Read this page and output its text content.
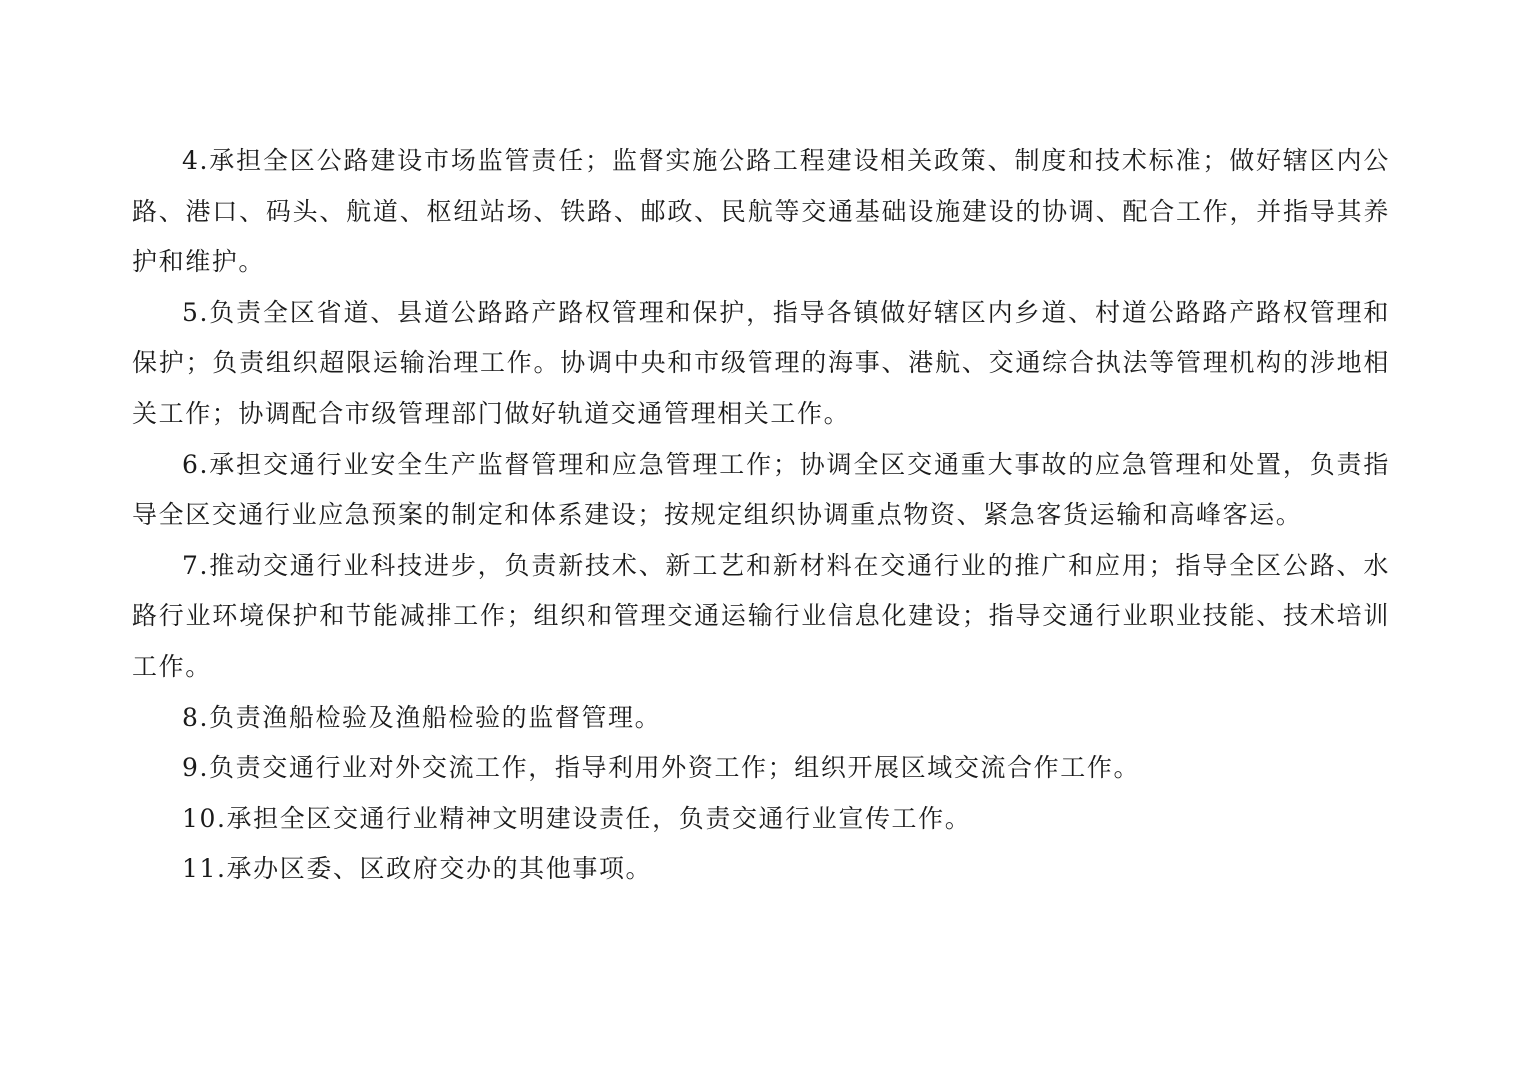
4.承担全区公路建设市场监管责任；监督实施公路工程建设相关政策、制度和技术标准；做好辖区内公路、港口、码头、航道、枢纽站场、铁路、邮政、民航等交通基础设施建设的协调、配合工作，并指导其养护和维护。

5.负责全区省道、县道公路路产路权管理和保护，指导各镇做好辖区内乡道、村道公路路产路权管理和保护；负责组织超限运输治理工作。协调中央和市级管理的海事、港航、交通综合执法等管理机构的涉地相关工作；协调配合市级管理部门做好轨道交通管理相关工作。

6.承担交通行业安全生产监督管理和应急管理工作；协调全区交通重大事故的应急管理和处置，负责指导全区交通行业应急预案的制定和体系建设；按规定组织协调重点物资、紧急客货运输和高峰客运。

7.推动交通行业科技进步，负责新技术、新工艺和新材料在交通行业的推广和应用；指导全区公路、水路行业环境保护和节能减排工作；组织和管理交通运输行业信息化建设；指导交通行业职业技能、技术培训工作。

8.负责渔船检验及渔船检验的监督管理。

9.负责交通行业对外交流工作，指导利用外资工作；组织开展区域交流合作工作。

10.承担全区交通行业精神文明建设责任，负责交通行业宣传工作。

11.承办区委、区政府交办的其他事项。
